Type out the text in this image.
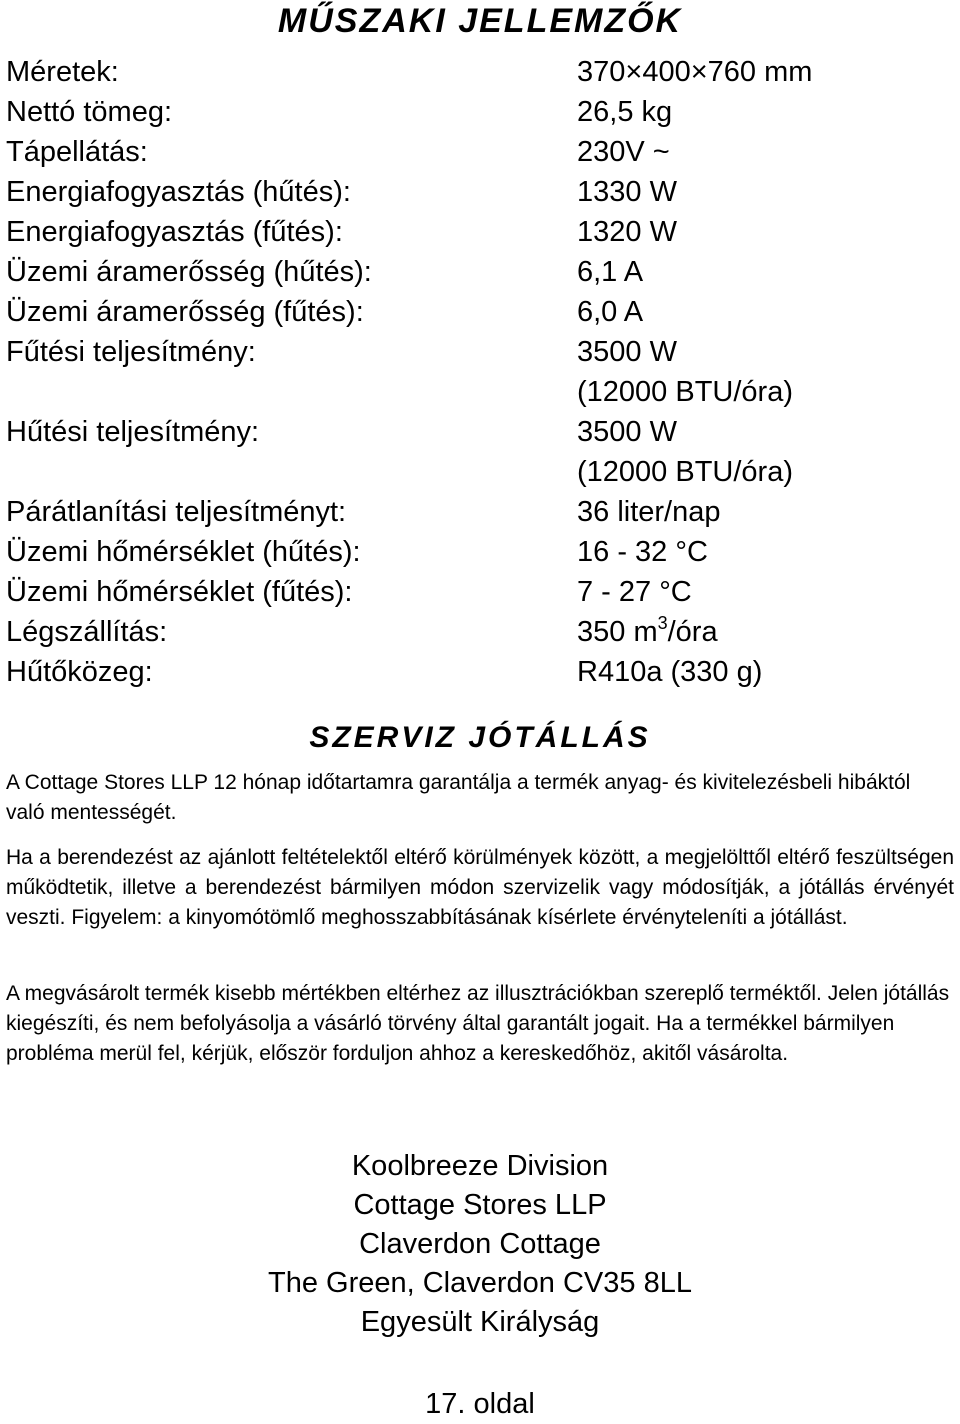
MŰSZAKI JELLEMZŐK
Méretek:	370×400×760 mm
Nettó tömeg:	26,5 kg
Tápellátás:	230V ~
Energiafogyasztás (hűtés):	1330 W
Energiafogyasztás (fűtés):	1320 W
Üzemi áramerősség (hűtés):	6,1 A
Üzemi áramerősség (fűtés):	6,0 A
Fűtési teljesítmény:	3500 W
(12000 BTU/óra)
Hűtési teljesítmény:	3500 W
(12000 BTU/óra)
Párátlanítási teljesítményt:	36 liter/nap
Üzemi hőmérséklet (hűtés):	16 - 32 °C
Üzemi hőmérséklet (fűtés):	7 - 27 °C
Légszállítás:	350 $m^3$/óra
Hűtőközeg:	R410a (330 g)
SZERVIZ JÓTÁLLÁS

A Cottage Stores LLP 12 hónap időtartamra garantálja a termék anyag- és kivitelezésbeli hibáktól való mentességét.

Ha a berendezést az ajánlott feltételektől eltérő körülmények között, a megjelölttől eltérő feszültségen működtetik, illetve a berendezést bármilyen módon szervizelik vagy módosítják, a jótállás érvényét veszti. Figyelem: a kinyomótömlő meghosszabbításának kísérlete érvényteleníti a jótállást.

A megvásárolt termék kisebb mértékben eltérhez az illusztrációkban szereplő terméktől. Jelen jótállás kiegészíti, és nem befolyásolja a vásárló törvény által garantált jogait. Ha a termékkel bármilyen probléma merül fel, kérjük, először forduljon ahhoz a kereskedőhöz, akitől vásárolta.

Koolbreeze Division
Cottage Stores LLP
Claverdon Cottage
The Green, Claverdon CV35 8LL
Egyesült Királyság
17. oldal
